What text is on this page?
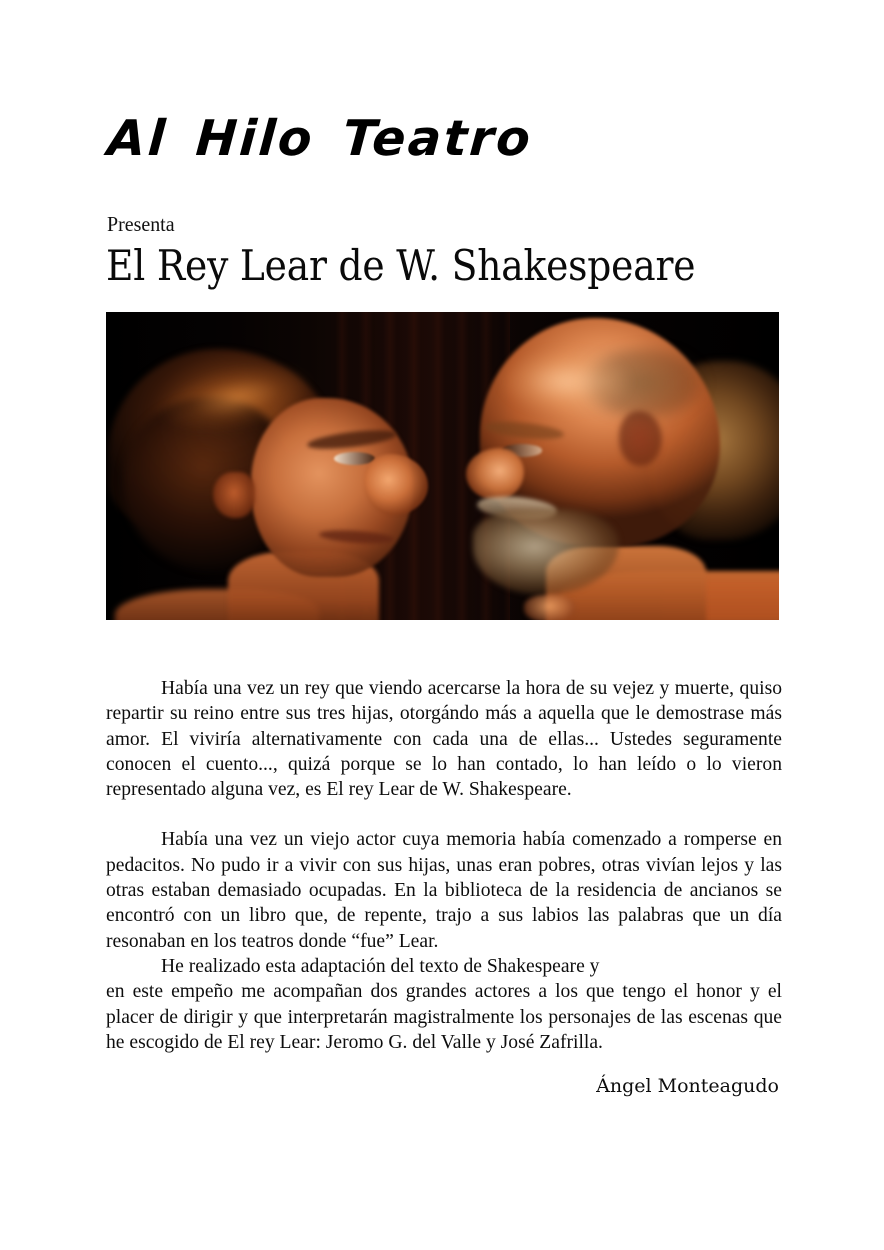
Al Hilo Teatro
Presenta
El Rey Lear de W. Shakespeare

Había una vez un rey que viendo acercarse la hora de su vejez y muerte, quiso repartir su reino entre sus tres hijas, otorgándo más a aquella que le demostrase más amor. El viviría alternativamente con cada una de ellas... Ustedes seguramente conocen el cuento..., quizá porque se lo han contado, lo han leído o lo vieron representado alguna vez, es El rey Lear de W. Shakespeare.

Había una vez un viejo actor cuya memoria había comenzado a romperse en pedacitos. No pudo ir a vivir con sus hijas, unas eran pobres, otras vivían lejos y las otras estaban demasiado ocupadas. En la biblioteca de la residencia de ancianos se encontró con un libro que, de repente, trajo a sus labios las palabras que un día resonaban en los teatros donde “fue” Lear.

He realizado esta adaptación del texto de Shakespeare y
en este empeño me acompañan dos grandes actores a los que tengo el honor y el placer de dirigir y que interpretarán magistralmente los personajes de las escenas que he escogido de El rey Lear: Jeromo G. del Valle y José Zafrilla.
Ángel Monteagudo
